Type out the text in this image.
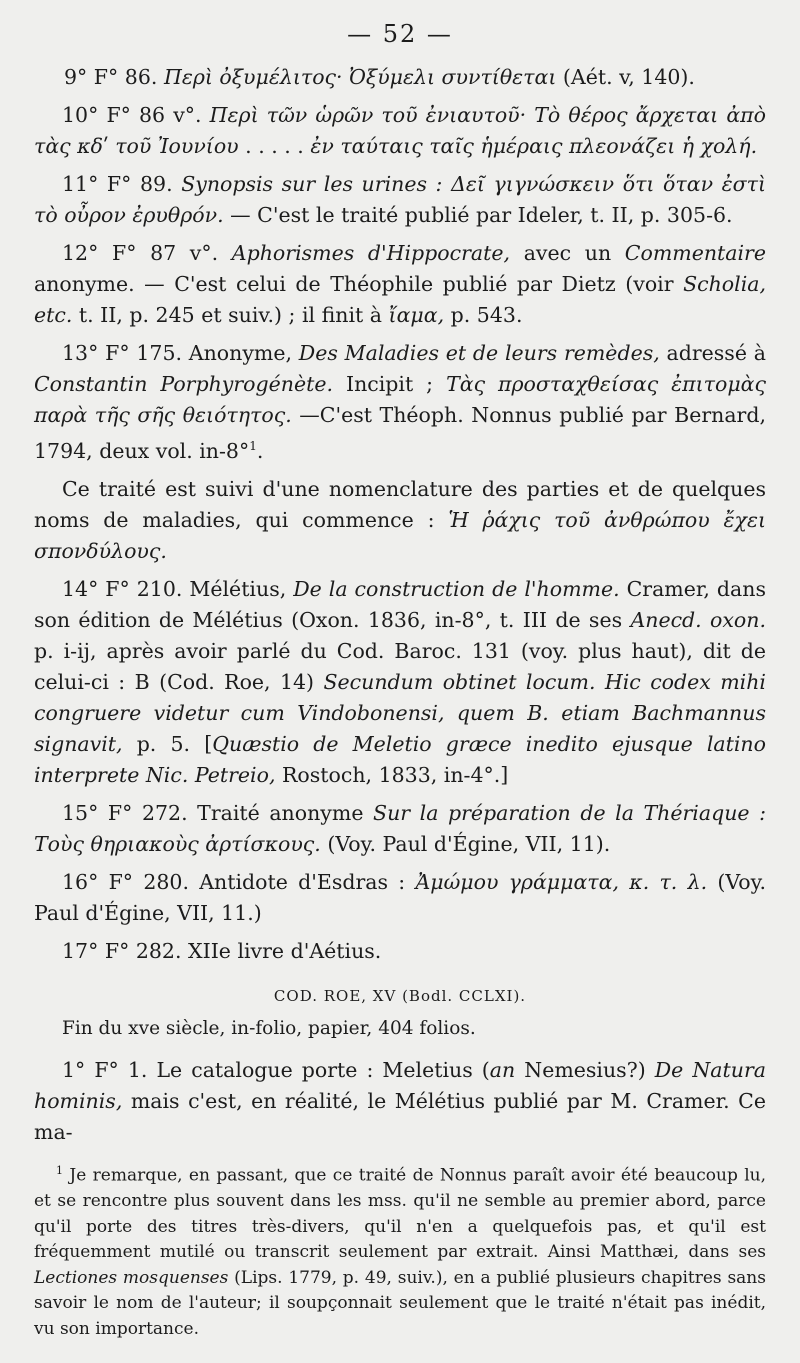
— 52 —

9° F° 86. Περὶ ὀξυμέλιτος· Ὀξύμελι συντίθεται (Aét. v, 140).

10° F° 86 v°. Περὶ τῶν ὡρῶν τοῦ ἐνιαυτοῦ· Τὸ θέρος ἄρχεται ἀπὸ τὰς κδʹ τοῦ Ἰουνίου . . . . . ἐν ταύταις ταῖς ἡμέραις πλεονάζει ἡ χολή.

11° F° 89. Synopsis sur les urines : Δεῖ γιγνώσκειν ὅτι ὅταν ἐστὶ τὸ οὖρον ἐρυθρόν. — C'est le traité publié par Ideler, t. II, p. 305-6.

12° F° 87 v°. Aphorismes d'Hippocrate, avec un Commentaire anonyme. — C'est celui de Théophile publié par Dietz (voir Scholia, etc. t. II, p. 245 et suiv.) ; il finit à ἴαμα, p. 543.

13° F° 175. Anonyme, Des Maladies et de leurs remèdes, adressé à Constantin Porphyrogénète. Incipit ; Τὰς προσταχθείσας ἐπιτομὰς παρὰ τῆς σῆς θειότητος. —C'est Théoph. Nonnus publié par Bernard, 1794, deux vol. in-8°$^1$.

Ce traité est suivi d'une nomenclature des parties et de quelques noms de maladies, qui commence : Ἡ ῥάχις τοῦ ἀνθρώπου ἔχει σπονδύλους.

14° F° 210. Mélétius, De la construction de l'homme. Cramer, dans son édition de Mélétius (Oxon. 1836, in-8°, t. III de ses Anecd. oxon. p. i-ij, après avoir parlé du Cod. Baroc. 131 (voy. plus haut), dit de celui-ci : B (Cod. Roe, 14) Secundum obtinet locum. Hic codex mihi congruere videtur cum Vindobonensi, quem B. etiam Bachmannus signavit, p. 5. [Quæstio de Meletio græce inedito ejusque latino interprete Nic. Petreio, Rostoch, 1833, in-4°.]

15° F° 272. Traité anonyme Sur la préparation de la Thériaque : Τοὺς θηριακοὺς ἀρτίσκους. (Voy. Paul d'Égine, VII, 11).

16° F° 280. Antidote d'Esdras : Ἀμώμου γράμματα, κ. τ. λ. (Voy. Paul d'Égine, VII, 11.)

17° F° 282. XIIe livre d'Aétius.

COD. ROE, XV (Bodl. CCLXI).

Fin du xve siècle, in-folio, papier, 404 folios.

1° F° 1. Le catalogue porte : Meletius (an Nemesius?) De Natura hominis, mais c'est, en réalité, le Mélétius publié par M. Cramer. Ce ma-

$^1$ Je remarque, en passant, que ce traité de Nonnus paraît avoir été beaucoup lu, et se rencontre plus souvent dans les mss. qu'il ne semble au premier abord, parce qu'il porte des titres très-divers, qu'il n'en a quelquefois pas, et qu'il est fréquemment mutilé ou transcrit seulement par extrait. Ainsi Matthæi, dans ses Lectiones mosquenses (Lips. 1779, p. 49, suiv.), en a publié plusieurs chapitres sans savoir le nom de l'auteur; il soupçonnait seulement que le traité n'était pas inédit, vu son importance.
